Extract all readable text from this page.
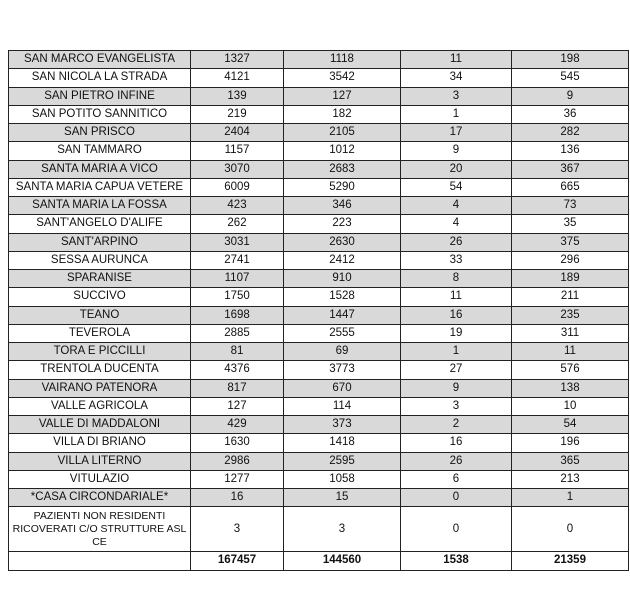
SAN MARCO EVANGELISTA	1327	1118	11	198
SAN NICOLA LA STRADA	4121	3542	34	545
SAN PIETRO INFINE	139	127	3	9
SAN POTITO SANNITICO	219	182	1	36
SAN PRISCO	2404	2105	17	282
SAN TAMMARO	1157	1012	9	136
SANTA MARIA A VICO	3070	2683	20	367
SANTA MARIA CAPUA VETERE	6009	5290	54	665
SANTA MARIA LA FOSSA	423	346	4	73
SANT'ANGELO D'ALIFE	262	223	4	35
SANT'ARPINO	3031	2630	26	375
SESSA AURUNCA	2741	2412	33	296
SPARANISE	1107	910	8	189
SUCCIVO	1750	1528	11	211
TEANO	1698	1447	16	235
TEVEROLA	2885	2555	19	311
TORA E PICCILLI	81	69	1	11
TRENTOLA DUCENTA	4376	3773	27	576
VAIRANO PATENORA	817	670	9	138
VALLE AGRICOLA	127	114	3	10
VALLE DI MADDALONI	429	373	2	54
VILLA DI BRIANO	1630	1418	16	196
VILLA LITERNO	2986	2595	26	365
VITULAZIO	1277	1058	6	213
*CASA CIRCONDARIALE*	16	15	0	1
PAZIENTI NON RESIDENTI RICOVERATI C/O STRUTTURE ASL CE	3	3	0	0
	167457	144560	1538	21359
